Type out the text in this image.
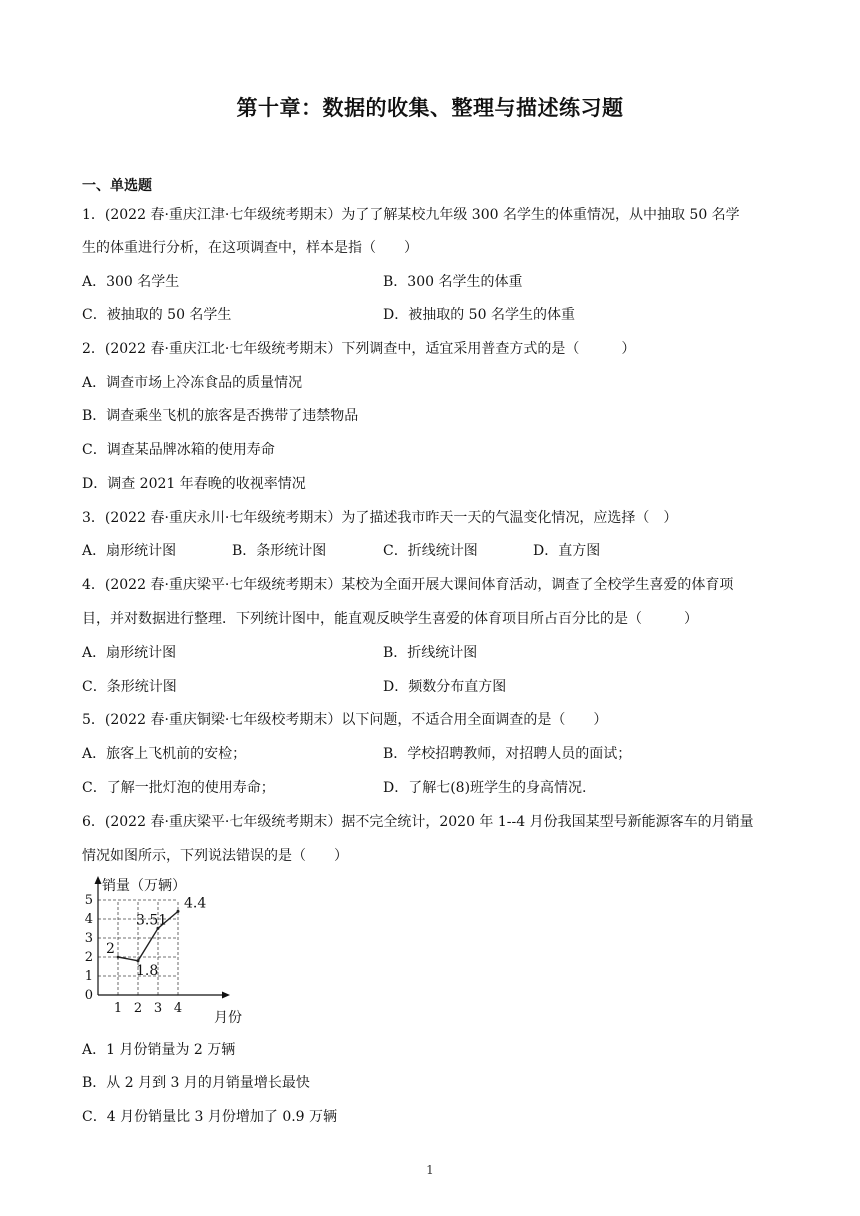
第十章：数据的收集、整理与描述练习题
一、单选题
1．(2022 春·重庆江津·七年级统考期末）为了了解某校九年级 300 名学生的体重情况，从中抽取 50 名学
生的体重进行分析，在这项调查中，样本是指（　　）
A．300 名学生	B．300 名学生的体重
C．被抽取的 50 名学生	D．被抽取的 50 名学生的体重
2．(2022 春·重庆江北·七年级统考期末）下列调查中，适宜采用普查方式的是（　　　）
A．调查市场上冷冻食品的质量情况
B．调查乘坐飞机的旅客是否携带了违禁物品
C．调查某品牌冰箱的使用寿命
D．调查 2021 年春晚的收视率情况
3．(2022 春·重庆永川·七年级统考期末）为了描述我市昨天一天的气温变化情况，应选择（　）
A．扇形统计图	B．条形统计图	C．折线统计图	D．直方图
4．(2022 春·重庆梁平·七年级统考期末）某校为全面开展大课间体育活动，调查了全校学生喜爱的体育项
目，并对数据进行整理．下列统计图中，能直观反映学生喜爱的体育项目所占百分比的是（　　　）
A．扇形统计图	B．折线统计图
C．条形统计图	D．频数分布直方图
5．(2022 春·重庆铜梁·七年级校考期末）以下问题，不适合用全面调查的是（　　）
A．旅客上飞机前的安检；	B．学校招聘教师，对招聘人员的面试；
C．了解一批灯泡的使用寿命；	D．了解七(8)班学生的身高情况.
6．(2022 春·重庆梁平·七年级统考期末）据不完全统计，2020 年 1--4 月份我国某型号新能源客车的月销量
情况如图所示，下列说法错误的是（　　）
0
1
2
3
4
5
1 2 3 4
2
1.8
3.51
4.4
销量（万辆）
月份
A．1 月份销量为 2 万辆
B．从 2 月到 3 月的月销量增长最快
C．4 月份销量比 3 月份增加了 0.9 万辆
1
